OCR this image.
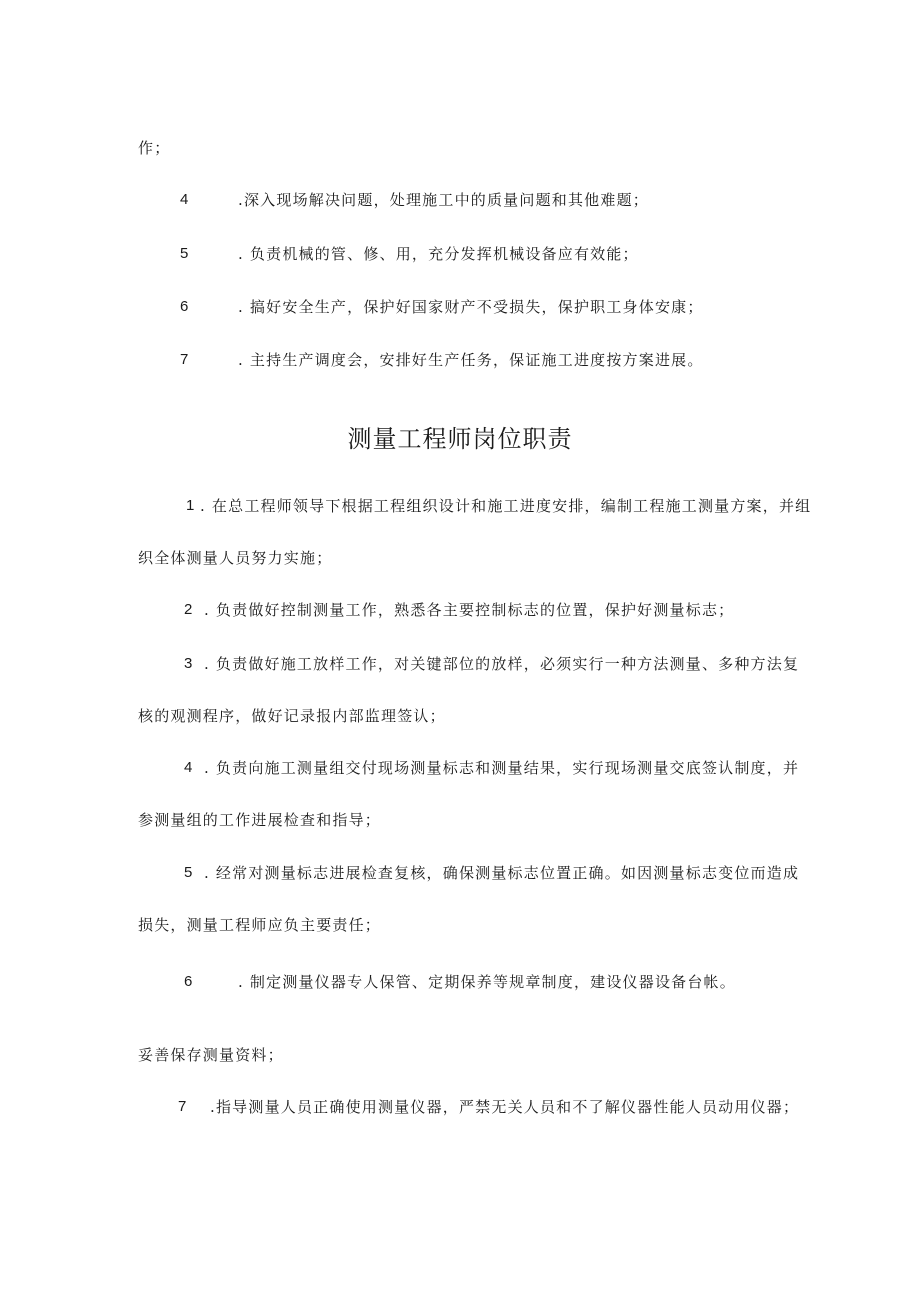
作；
4	.深入现场解决问题，处理施工中的质量问题和其他难题；
5	. 负责机械的管、修、用，充分发挥机械设备应有效能；
6	. 搞好安全生产，保护好国家财产不受损失，保护职工身体安康；
7	. 主持生产调度会，安排好生产任务，保证施工进度按方案进展。
测量工程师岗位职责
1 . 在总工程师领导下根据工程组织设计和施工进度安排，编制工程施工测量方案，并组
织全体测量人员努力实施；
2 . 负责做好控制测量工作，熟悉各主要控制标志的位置，保护好测量标志；
3 . 负责做好施工放样工作，对关键部位的放样，必须实行一种方法测量、多种方法复
核的观测程序，做好记录报内部监理签认；
4 . 负责向施工测量组交付现场测量标志和测量结果，实行现场测量交底签认制度，并
参测量组的工作进展检查和指导；
5 . 经常对测量标志进展检查复核，确保测量标志位置正确。如因测量标志变位而造成
损失，测量工程师应负主要责任；
6	. 制定测量仪器专人保管、定期保养等规章制度，建设仪器设备台帐。
妥善保存测量资料；
7 .指导测量人员正确使用测量仪器，严禁无关人员和不了解仪器性能人员动用仪器；
